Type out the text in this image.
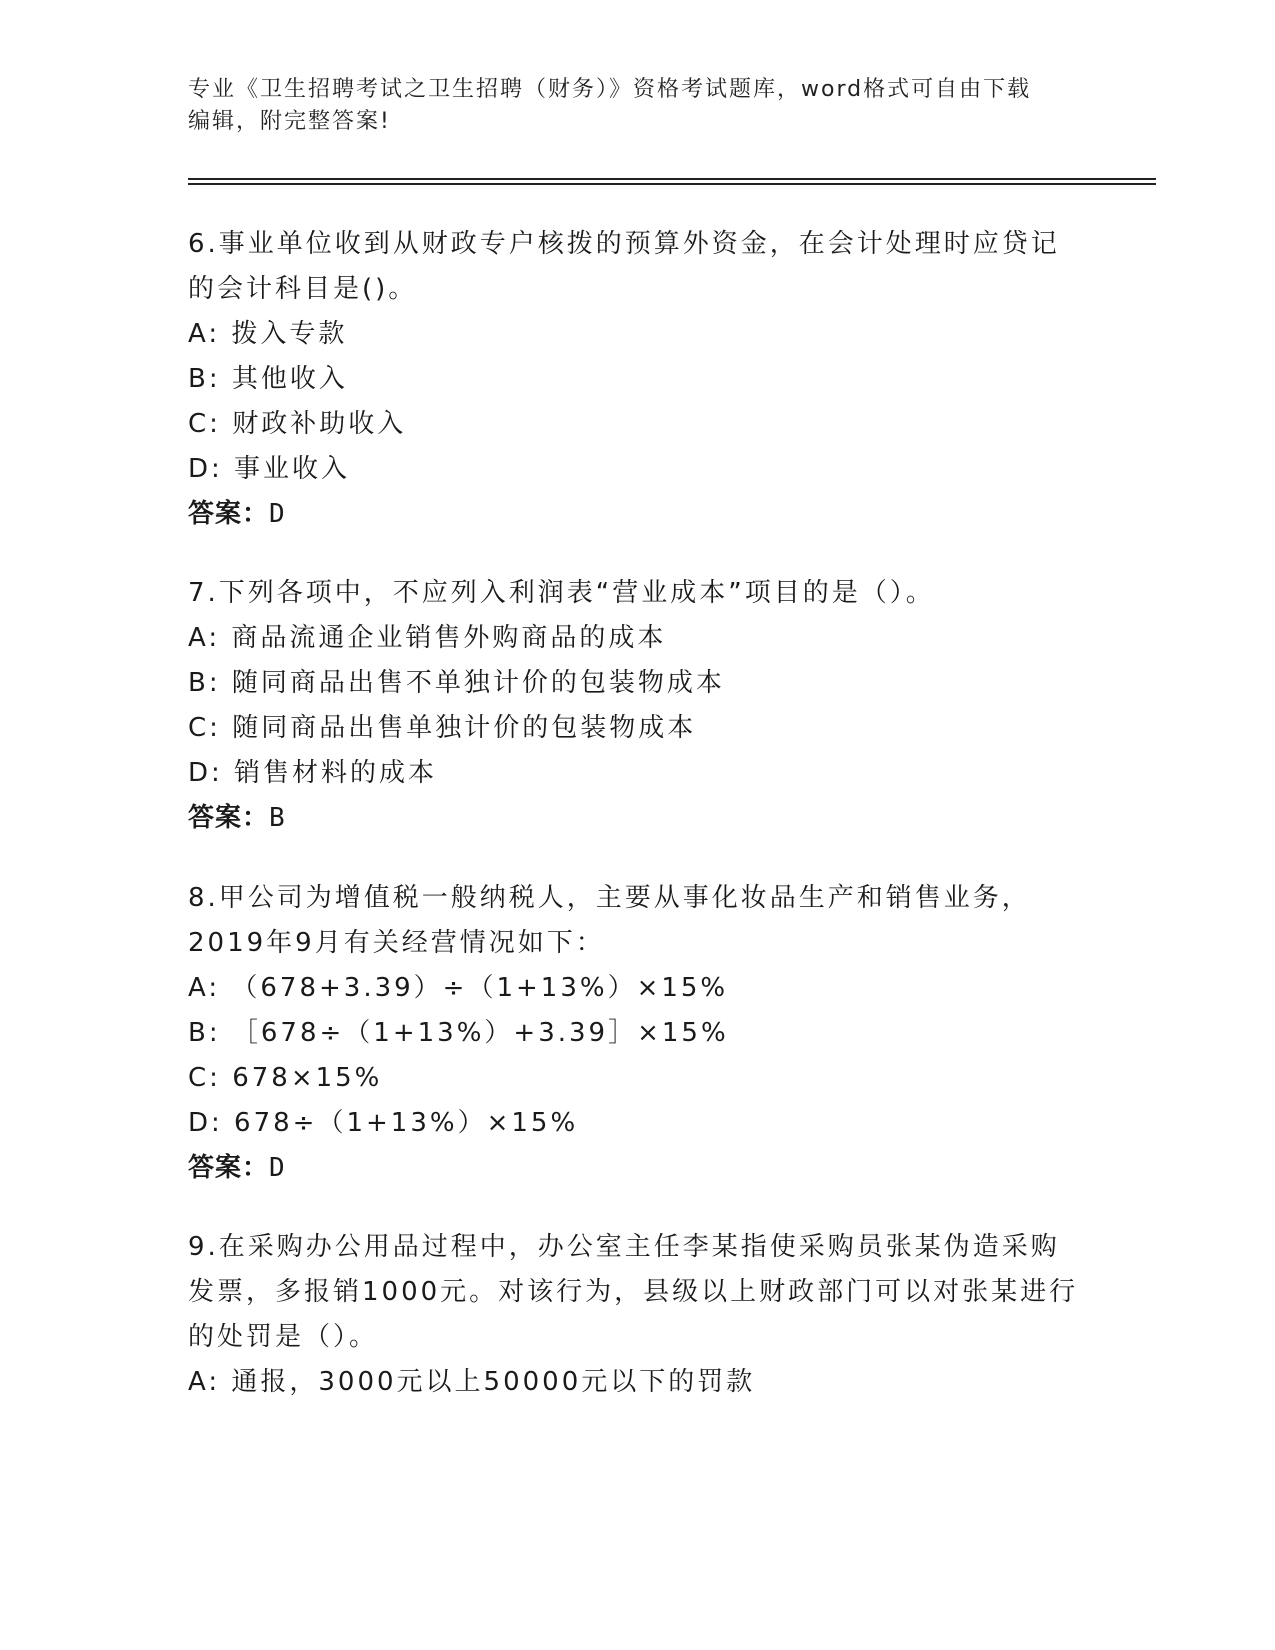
专业《卫生招聘考试之卫生招聘（财务）》资格考试题库，word格式可自由下载
编辑，附完整答案!

6.事业单位收到从财政专户核拨的预算外资金，在会计处理时应贷记

的会计科目是()。

A: 拨入专款

B: 其他收入

C: 财政补助收入

D: 事业收入

答案：D

7.下列各项中，不应列入利润表“营业成本”项目的是（）。

A: 商品流通企业销售外购商品的成本

B: 随同商品出售不单独计价的包装物成本

C: 随同商品出售单独计价的包装物成本

D: 销售材料的成本

答案：B

8.甲公司为增值税一般纳税人，主要从事化妆品生产和销售业务，

2019年9月有关经营情况如下：

A: （678+3.39）÷（1+13%）×15%

B: ［678÷（1+13%）+3.39］×15%

C: 678×15%

D: 678÷（1+13%）×15%

答案：D

9.在采购办公用品过程中，办公室主任李某指使采购员张某伪造采购

发票，多报销1000元。对该行为，县级以上财政部门可以对张某进行

的处罚是（）。

A: 通报，3000元以上50000元以下的罚款
